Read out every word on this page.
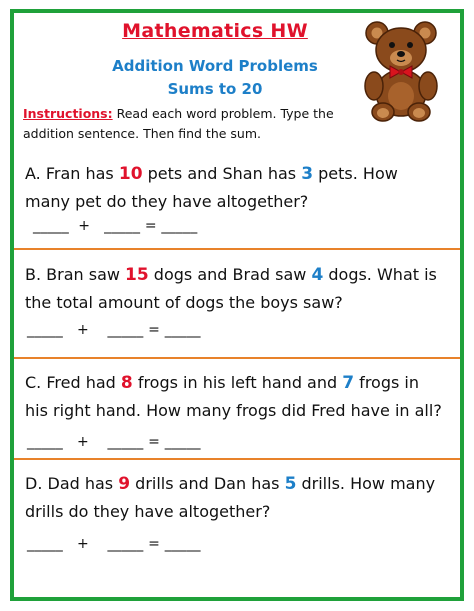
Mathematics HW
Addition Word Problems
Sums to 20
Instructions: Read each word problem. Type the addition sentence. Then find the sum.
A. Fran has 10 pets and Shan has 3 pets. How many pet do they have altogether?
_____  +   _____ = _____
B. Bran saw 15 dogs and Brad saw 4 dogs. What is the total amount of dogs the boys saw?
_____   +    _____ = _____
C. Fred had 8 frogs in his left hand and 7 frogs in his right hand. How many frogs did Fred have in all?
_____   +    _____ = _____
D. Dad has 9 drills and Dan has 5 drills. How many drills do they have altogether?
_____   +    _____ = _____
